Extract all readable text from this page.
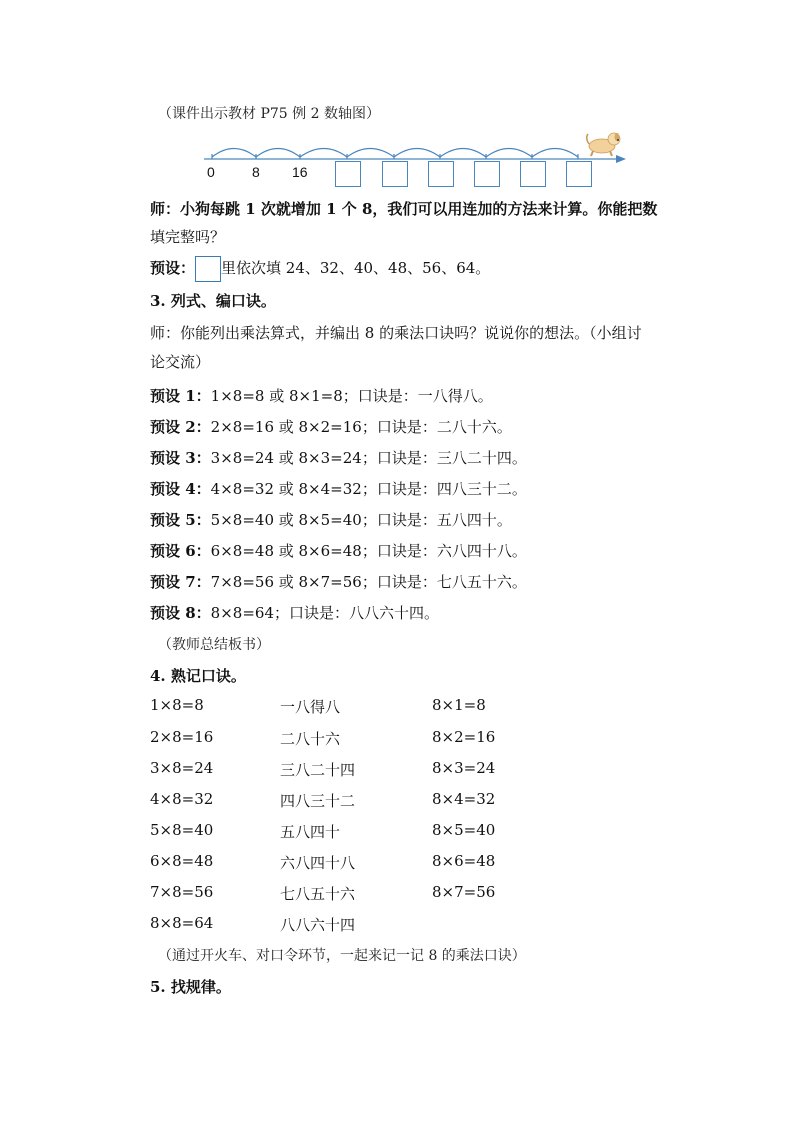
（课件出示教材 P75 例 2 数轴图）
0	8 16
师：小狗每跳 1 次就增加 1 个 8，我们可以用连加的方法来计算。你能把数
填完整吗？
预设： 里依次填 24、32、40、48、56、64。
3. 列式、编口诀。
师：你能列出乘法算式，并编出 8 的乘法口诀吗？说说你的想法。（小组讨
论交流）
预设 1：1×8=8 或 8×1=8；口诀是：一八得八。
预设 2：2×8=16 或 8×2=16；口诀是：二八十六。
预设 3：3×8=24 或 8×3=24；口诀是：三八二十四。
预设 4：4×8=32 或 8×4=32；口诀是：四八三十二。
预设 5：5×8=40 或 8×5=40；口诀是：五八四十。
预设 6：6×8=48 或 8×6=48；口诀是：六八四十八。
预设 7：7×8=56 或 8×7=56；口诀是：七八五十六。
预设 8：8×8=64；口诀是：八八六十四。
（教师总结板书）
4. 熟记口诀。
1×8=8	一八得八	8×1=8
2×8=16	二八十六	8×2=16
3×8=24	三八二十四	8×3=24
4×8=32	四八三十二	8×4=32
5×8=40	五八四十	8×5=40
6×8=48	六八四十八	8×6=48
7×8=56	七八五十六	8×7=56
8×8=64	八八六十四
（通过开火车、对口令环节，一起来记一记 8 的乘法口诀）
5. 找规律。
